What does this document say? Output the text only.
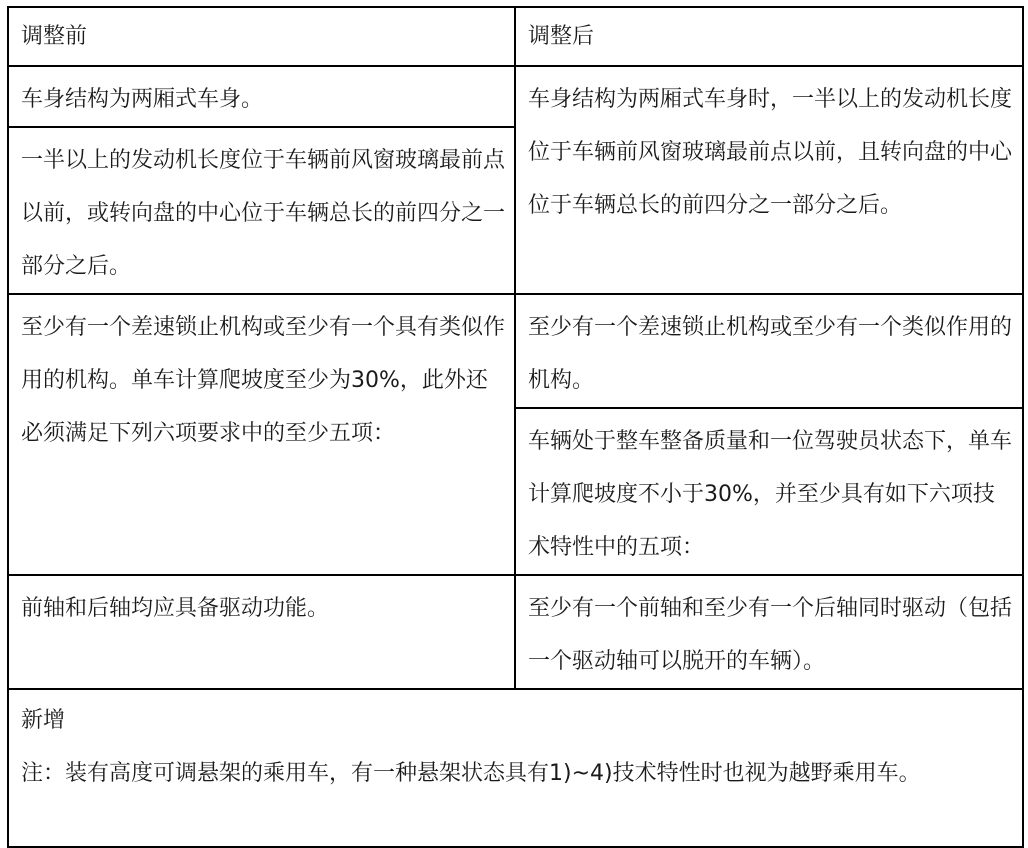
调整前	调整后
车身结构为两厢式车身。	车身结构为两厢式车身时，一半以上的发动机长度位于车辆前风窗玻璃最前点以前，且转向盘的中心位于车辆总长的前四分之一部分之后。
一半以上的发动机长度位于车辆前风窗玻璃最前点以前，或转向盘的中心位于车辆总长的前四分之一部分之后。	
至少有一个差速锁止机构或至少有一个具有类似作用的机构。单车计算爬坡度至少为30%，此外还必须满足下列六项要求中的至少五项：	至少有一个差速锁止机构或至少有一个类似作用的机构。
	车辆处于整车整备质量和一位驾驶员状态下，单车计算爬坡度不小于30%，并至少具有如下六项技术特性中的五项：
前轴和后轴均应具备驱动功能。	至少有一个前轴和至少有一个后轴同时驱动（包括一个驱动轴可以脱开的车辆）。

新增
注：装有高度可调悬架的乘用车，有一种悬架状态具有1)~4)技术特性时也视为越野乘用车。	
